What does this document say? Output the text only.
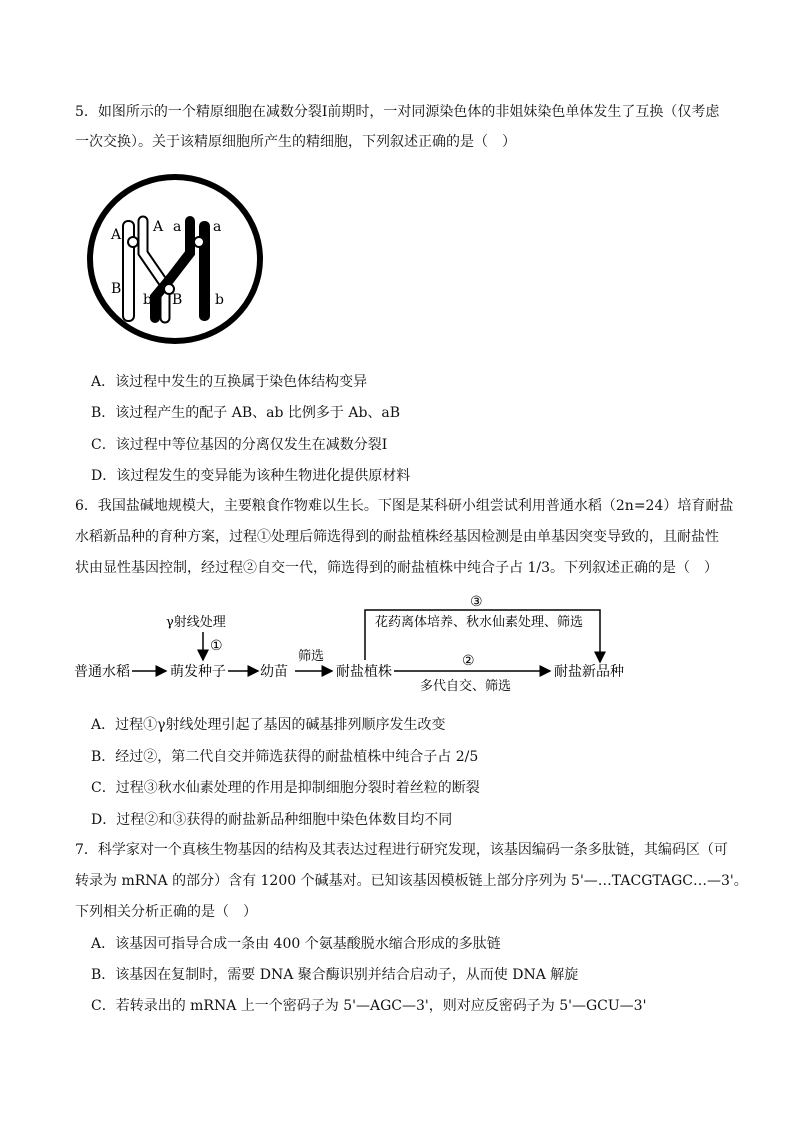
5．如图所示的一个精原细胞在减数分裂Ⅰ前期时，一对同源染色体的非姐妹染色单体发生了互换（仅考虑
一次交换）。关于该精原细胞所产生的精细胞，下列叙述正确的是（　）
A A a a
B
B
b	b
A．该过程中发生的互换属于染色体结构变异
B．该过程产生的配子 AB、ab 比例多于 Ab、aB
C．该过程中等位基因的分离仅发生在减数分裂Ⅰ
D．该过程发生的变异能为该种生物进化提供原材料
6．我国盐碱地规模大，主要粮食作物难以生长。下图是某科研小组尝试利用普通水稻（2n=24）培育耐盐
水稻新品种的育种方案，过程①处理后筛选得到的耐盐植株经基因检测是由单基因突变导致的，且耐盐性
状由显性基因控制，经过程②自交一代，筛选得到的耐盐植株中纯合子占 1/3。下列叙述正确的是（　）
普通水稻
γ射线处理
①
萌发种子 幼苗
筛选
耐盐植株
②
多代自交、筛选
③
花药离体培养、秋水仙素处理、筛选
耐盐新品种
A．过程①γ射线处理引起了基因的碱基排列顺序发生改变
B．经过②，第二代自交并筛选获得的耐盐植株中纯合子占 2/5
C．过程③秋水仙素处理的作用是抑制细胞分裂时着丝粒的断裂
D．过程②和③获得的耐盐新品种细胞中染色体数目均不同
7．科学家对一个真核生物基因的结构及其表达过程进行研究发现，该基因编码一条多肽链，其编码区（可
转录为 mRNA 的部分）含有 1200 个碱基对。已知该基因模板链上部分序列为 5'—…TACGTAGC…—3'。
下列相关分析正确的是（　）
A．该基因可指导合成一条由 400 个氨基酸脱水缩合形成的多肽链
B．该基因在复制时，需要 DNA 聚合酶识别并结合启动子，从而使 DNA 解旋
C．若转录出的 mRNA 上一个密码子为 5'—AGC—3'，则对应反密码子为 5'—GCU—3'
